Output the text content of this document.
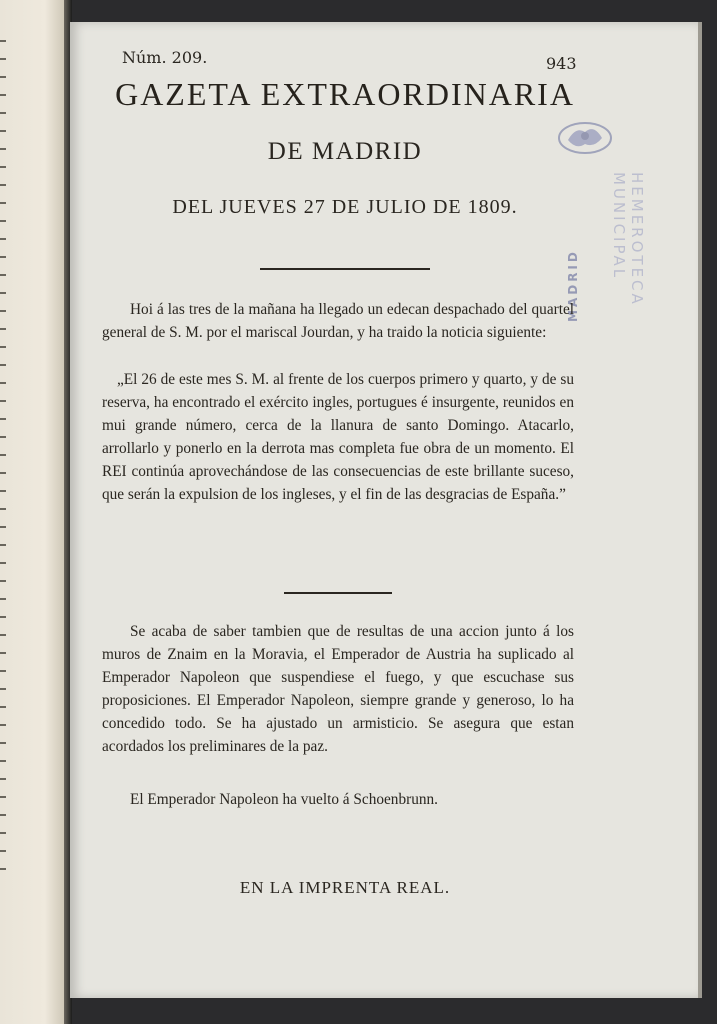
Núm. 209.	943
GAZETA EXTRAORDINARIA
DE MADRID
DEL JUEVES 27 DE JULIO DE 1809.
MADRID	HEMEROTECA MUNICIPAL

Hoi á las tres de la mañana ha llegado un edecan despachado del quartel general de S. M. por el mariscal Jourdan, y ha traido la noticia siguiente:

„El 26 de este mes S. M. al frente de los cuerpos primero y quarto, y de su reserva, ha encontrado el exército ingles, portugues é insurgente, reunidos en mui grande número, cerca de la llanura de santo Domingo. Atacarlo, arrollarlo y ponerlo en la derrota mas completa fue obra de un momento. El REI continúa aprovechándose de las consecuencias de este brillante suceso, que serán la expulsion de los ingleses, y el fin de las desgracias de España.”

Se acaba de saber tambien que de resultas de una accion junto á los muros de Znaim en la Moravia, el Emperador de Austria ha suplicado al Emperador Napoleon que suspendiese el fuego, y que escuchase sus proposiciones. El Emperador Napoleon, siempre grande y generoso, lo ha concedido todo. Se ha ajustado un armisticio. Se asegura que estan acordados los preliminares de la paz.

El Emperador Napoleon ha vuelto á Schoenbrunn.

EN LA IMPRENTA REAL.
